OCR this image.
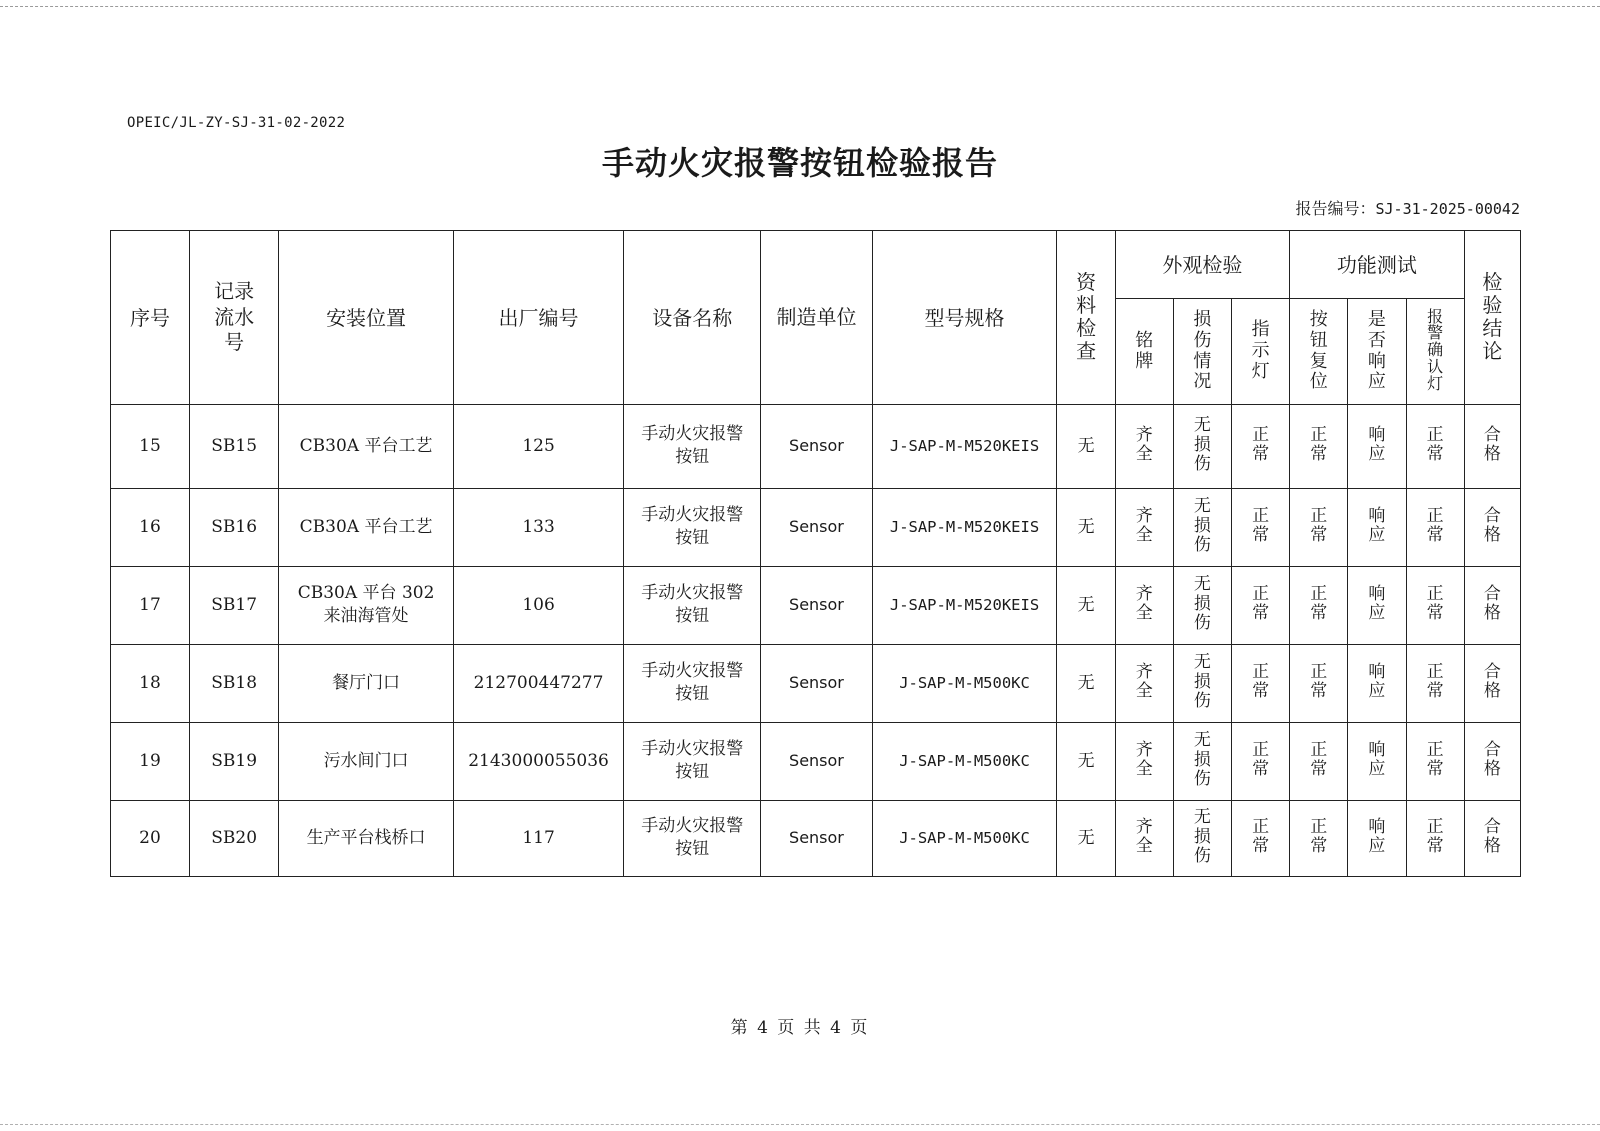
OPEIC/JL-ZY-SJ-31-02-2022
手动火灾报警按钮检验报告
报告编号：SJ-31-2025-00042
序号	记录流水号	安装位置	出厂编号	设备名称	制造单位	型号规格	资料检查	外观检验			功能测试			检验结论
								铭牌	损伤情况	指示灯	按钮复位	是否响应	报警确认灯	
15	SB15	CB30A 平台工艺	125	手动火灾报警按钮	Sensor	J-SAP-M-M520KEIS	无	齐全	无损伤	正常	正常	响应	正常	合格
16	SB16	CB30A 平台工艺	133	手动火灾报警按钮	Sensor	J-SAP-M-M520KEIS	无	齐全	无损伤	正常	正常	响应	正常	合格
17	SB17	CB30A 平台 302 来油海管处	106	手动火灾报警按钮	Sensor	J-SAP-M-M520KEIS	无	齐全	无损伤	正常	正常	响应	正常	合格
18	SB18	餐厅门口	212700447277	手动火灾报警按钮	Sensor	J-SAP-M-M500KC	无	齐全	无损伤	正常	正常	响应	正常	合格
19	SB19	污水间门口	2143000055036	手动火灾报警按钮	Sensor	J-SAP-M-M500KC	无	齐全	无损伤	正常	正常	响应	正常	合格
20	SB20	生产平台栈桥口	117	手动火灾报警按钮	Sensor	J-SAP-M-M500KC	无	齐全	无损伤	正常	正常	响应	正常	合格
第 4 页 共 4 页
